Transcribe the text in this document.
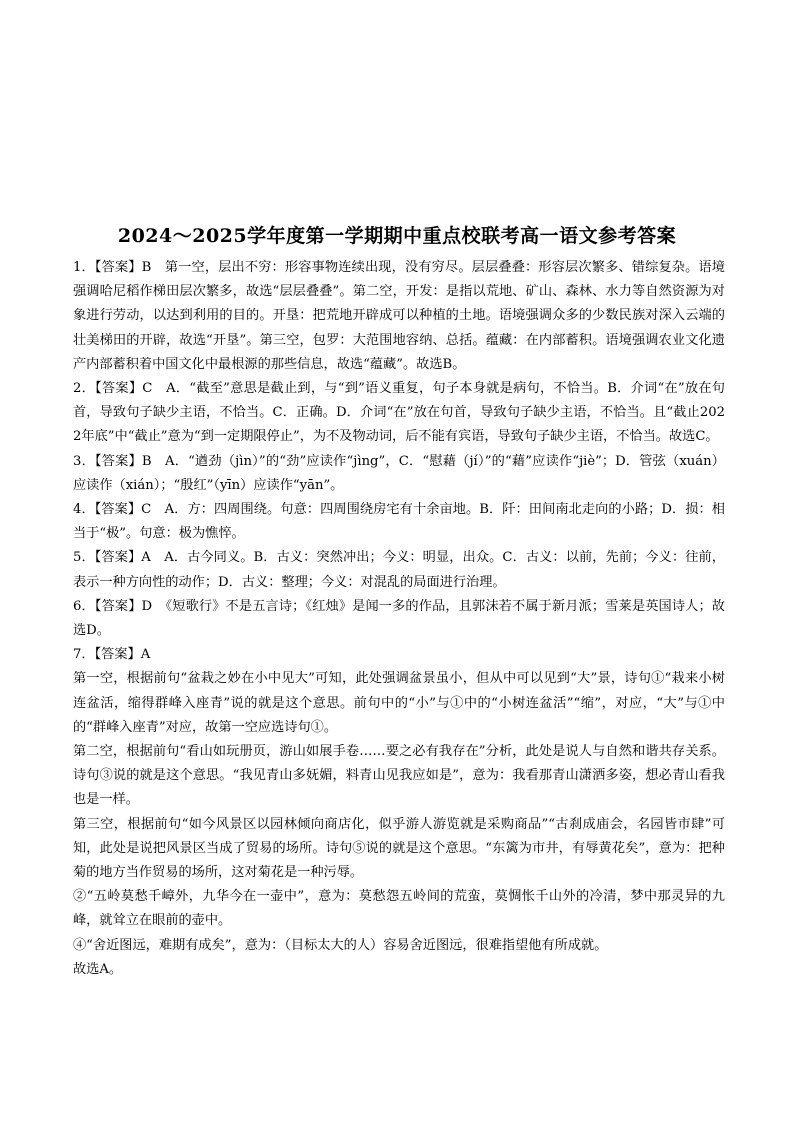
2024～2025学年度第一学期期中重点校联考高一语文参考答案

1．【答案】B　第一空，层出不穷：形容事物连续出现，没有穷尽。层层叠叠：形容层次繁多、错综复杂。语境强调哈尼稻作梯田层次繁多，故选“层层叠叠”。第二空，开发：是指以荒地、矿山、森林、水力等自然资源为对象进行劳动，以达到利用的目的。开垦：把荒地开辟成可以种植的土地。语境强调众多的少数民族对深入云端的壮美梯田的开辟，故选“开垦”。第三空，包罗：大范围地容纳、总括。蕴藏：在内部蓄积。语境强调农业文化遗产内部蓄积着中国文化中最根源的那些信息，故选“蕴藏”。故选B。

2．【答案】C　A．“截至”意思是截止到，与“到”语义重复，句子本身就是病句，不恰当。B．介词“在”放在句首，导致句子缺少主语，不恰当。C．正确。D．介词“在”放在句首，导致句子缺少主语，不恰当。且“截止2022年底”中“截止”意为“到一定期限停止”，为不及物动词，后不能有宾语，导致句子缺少主语，不恰当。故选C。

3．【答案】B　A．“遒劲（jìn）”的“劲”应读作“jìng”，C．“慰藉（jí）”的“藉”应读作“jiè”；D．管弦（xuán）应读作（xián）；“殷红”（yīn）应读作“yān”。

4．【答案】C　A．方：四周围绕。句意：四周围绕房宅有十余亩地。B．阡：田间南北走向的小路；D．损：相当于“极”。句意：极为憔悴。

5．【答案】A　A．古今同义。B．古义：突然冲出；今义：明显，出众。C．古义：以前，先前；今义：往前，表示一种方向性的动作；D．古义：整理；今义：对混乱的局面进行治理。

6．【答案】D　《短歌行》不是五言诗；《红烛》是闻一多的作品，且郭沫若不属于新月派；雪莱是英国诗人；故选D。

7．【答案】A

第一空，根据前句“盆栽之妙在小中见大”可知，此处强调盆景虽小，但从中可以见到“大”景，诗句①“栽来小树连盆活，缩得群峰入座青”说的就是这个意思。前句中的“小”与①中的“小树连盆活”“缩”，对应，“大”与①中的“群峰入座青”对应，故第一空应选诗句①。

第二空，根据前句“看山如玩册页，游山如展手卷……要之必有我存在”分析，此处是说人与自然和谐共存关系。诗句③说的就是这个意思。“我见青山多妩媚，料青山见我应如是”，意为：我看那青山潇洒多姿，想必青山看我也是一样。

第三空，根据前句“如今风景区以园林倾向商店化，似乎游人游览就是采购商品”“古刹成庙会，名园皆市肆”可知，此处是说把风景区当成了贸易的场所。诗句⑤说的就是这个意思。“东篱为市井，有辱黄花矣”，意为：把种菊的地方当作贸易的场所，这对菊花是一种污辱。

②“五岭莫愁千嶂外，九华今在一壶中”，意为：莫愁怨五岭间的荒蛮，莫惆怅千山外的冷清，梦中那灵异的九峰，就耸立在眼前的壶中。

④“舍近图远，难期有成矣”，意为：（目标太大的人）容易舍近图远，很难指望他有所成就。

故选A。
